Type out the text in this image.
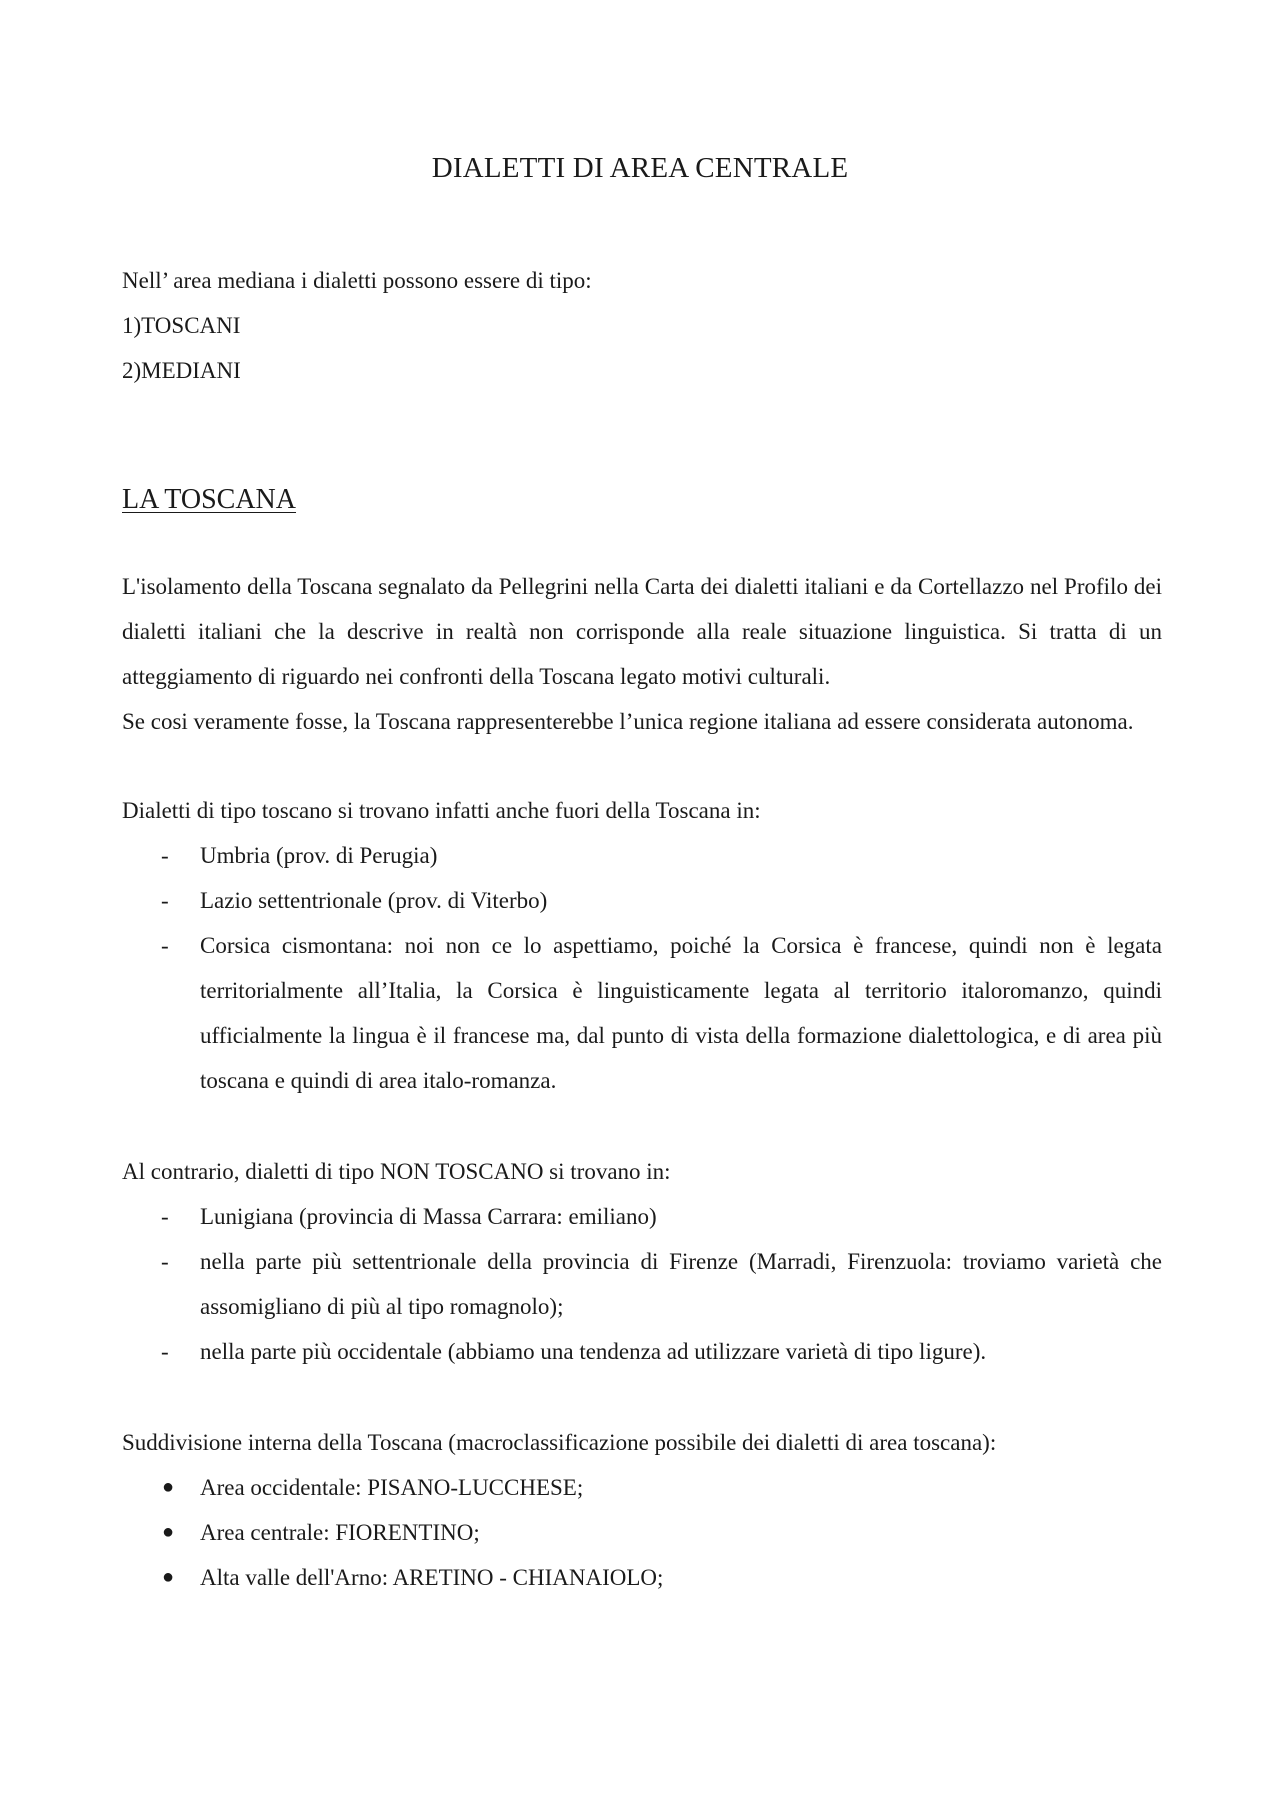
DIALETTI DI AREA CENTRALE

Nell’ area mediana i dialetti possono essere di tipo:

1)TOSCANI

2)MEDIANI

LA TOSCANA

L'isolamento della Toscana segnalato da Pellegrini nella Carta dei dialetti italiani e da Cortellazzo nel Profilo dei dialetti italiani che la descrive in realtà non corrisponde alla reale situazione linguistica. Si tratta di un atteggiamento di riguardo nei confronti della Toscana legato motivi culturali.

Se cosi veramente fosse, la Toscana rappresenterebbe l’unica regione italiana ad essere considerata autonoma.

Dialetti di tipo toscano si trovano infatti anche fuori della Toscana in:

- Umbria (prov. di Perugia)
- Lazio settentrionale (prov. di Viterbo)
- Corsica cismontana: noi non ce lo aspettiamo, poiché la Corsica è francese, quindi non è legata territorialmente all’Italia, la Corsica è linguisticamente legata al territorio italoromanzo, quindi ufficialmente la lingua è il francese ma, dal punto di vista della formazione dialettologica, e di area più toscana e quindi di area italo-romanza.

Al contrario, dialetti di tipo NON TOSCANO si trovano in:

- Lunigiana (provincia di Massa Carrara: emiliano)
- nella parte più settentrionale della provincia di Firenze (Marradi, Firenzuola: troviamo varietà che assomigliano di più al tipo romagnolo);
- nella parte più occidentale (abbiamo una tendenza ad utilizzare varietà di tipo ligure).

Suddivisione interna della Toscana (macroclassificazione possibile dei dialetti di area toscana):

● Area occidentale: PISANO-LUCCHESE;
● Area centrale: FIORENTINO;
● Alta valle dell'Arno: ARETINO - CHIANAIOLO;
